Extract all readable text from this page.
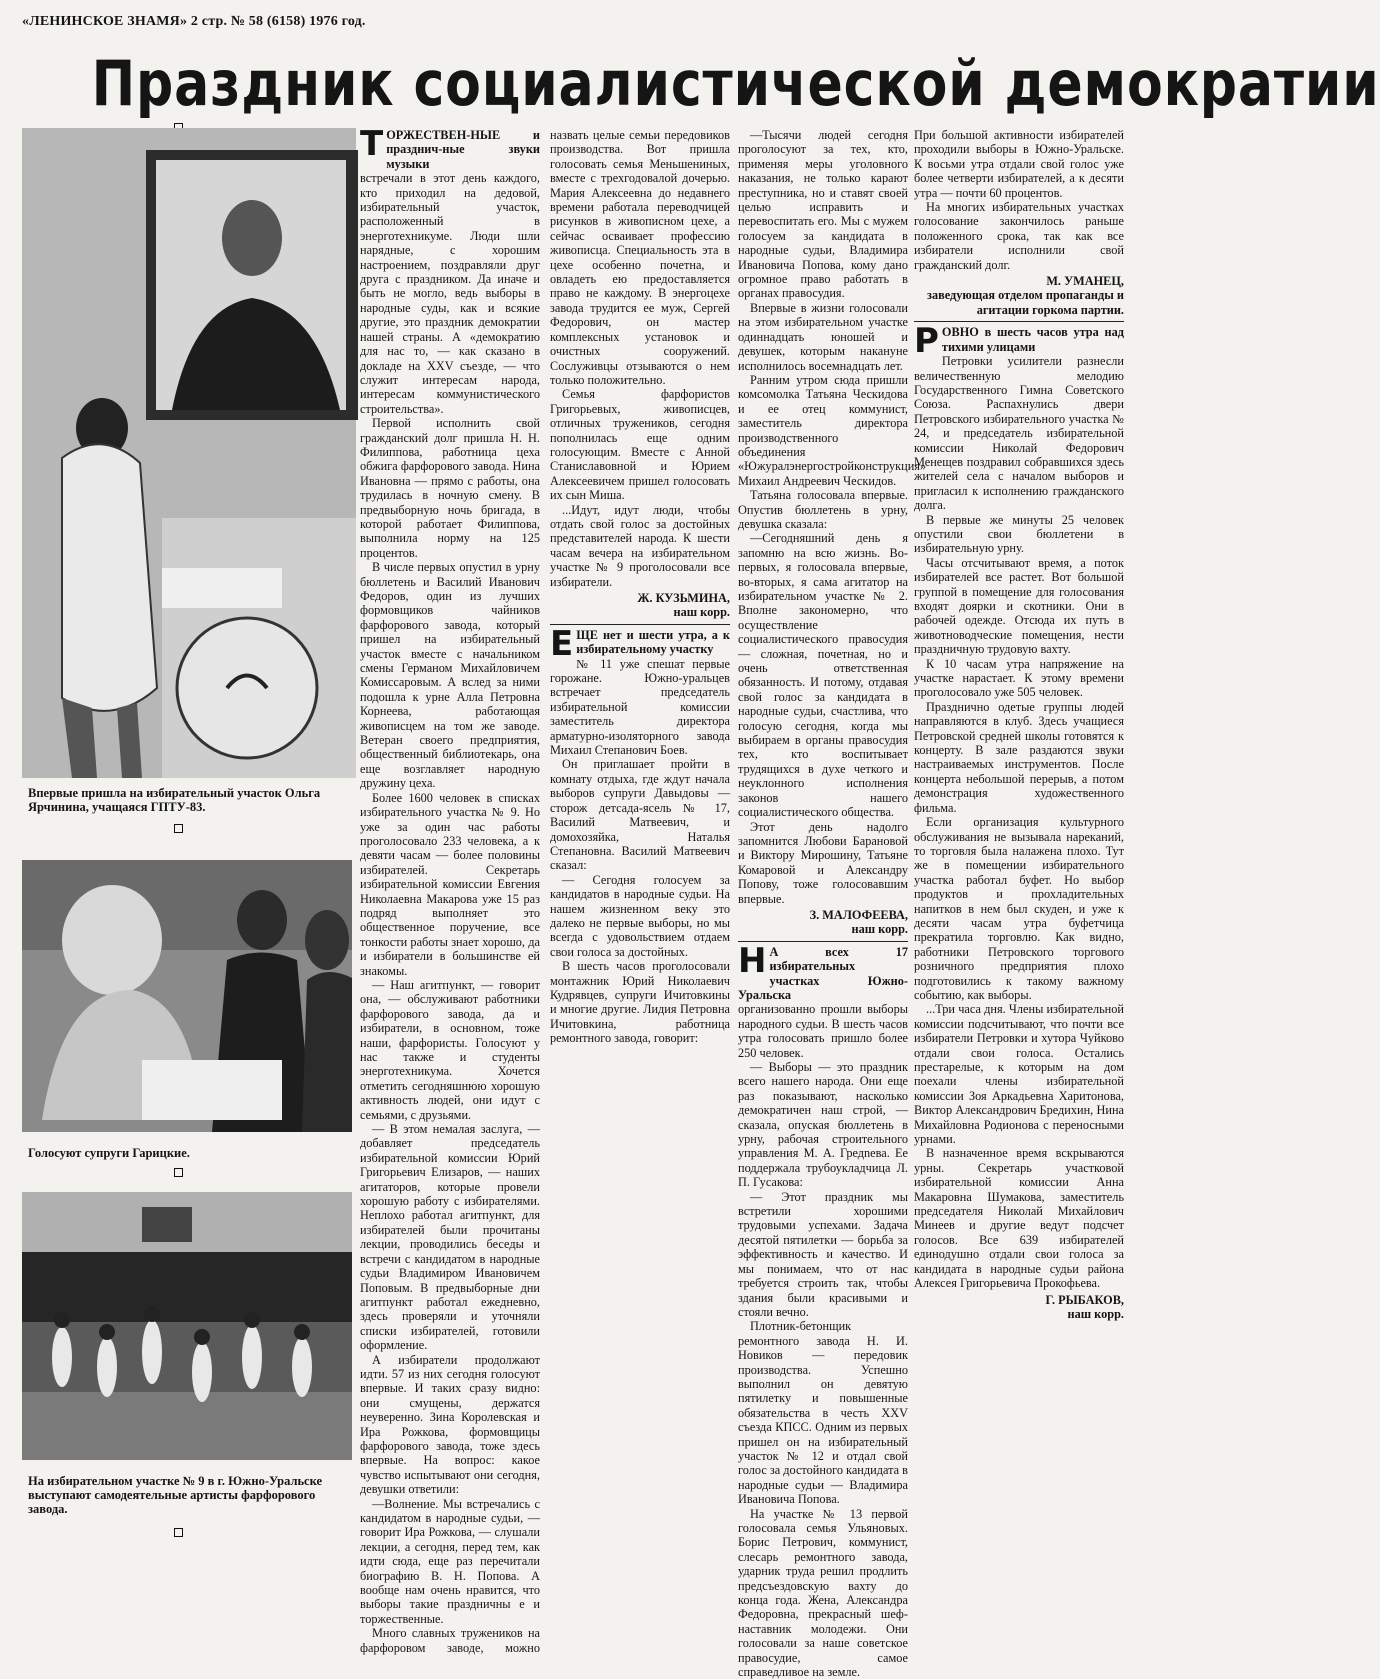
«ЛЕНИНСКОЕ ЗНАМЯ» 2 стр. № 58 (6158) 1976 год.
Праздник социалистической демократии
Впервые пришла на избирательный участок Ольга Ярчинина, учащаяся ГПТУ-83.
Голосуют супруги Гарицкие.
На избирательном участке № 9 в г. Южно-Уральске выступают самодеятельные артисты фарфорового завода.

ТОРЖЕСТВЕН-НЫЕ и празднич-ные звуки музыки

встречали в этот день каждого, кто приходил на дедовой, избирательный участок, расположенный в энерготехникуме. Люди шли нарядные, с хорошим настроением, поздравляли друг друга с праздником. Да иначе и быть не могло, ведь выборы в народные суды, как и всякие другие, это праздник демократии нашей страны. А «демократию для нас то, — как сказано в докладе на XXV съезде, — что служит интересам народа, интересам коммунистического строительства».

Первой исполнить свой гражданский долг пришла Н. Н. Филиппова, работница цеха обжига фарфорового завода. Нина Ивановна — прямо с работы, она трудилась в ночную смену. В предвыборную ночь бригада, в которой работает Филиппова, выполнила норму на 125 процентов.

В числе первых опустил в урну бюллетень и Василий Иванович Федоров, один из лучших формовщиков чайников фарфорового завода, который пришел на избирательный участок вместе с начальником смены Германом Михайловичем Комиссаровым. А вслед за ними подошла к урне Алла Петровна Корнеева, работающая живописцем на том же заводе. Ветеран своего предприятия, общественный библиотекарь, она еще возглавляет народную дружину цеха.

Более 1600 человек в списках избирательного участка № 9. Но уже за один час работы проголосовало 233 человека, а к девяти часам — более половины избирателей. Секретарь избирательной комиссии Евгения Николаевна Макарова уже 15 раз подряд выполняет это общественное поручение, все тонкости работы знает хорошо, да и избиратели в большинстве ей знакомы.

— Наш агитпункт, — говорит она, — обслуживают работники фарфорового завода, да и избиратели, в основном, тоже наши, фарфористы. Голосуют у нас также и студенты энерготехникума. Хочется отметить сегодняшнюю хорошую активность людей, они идут с семьями, с друзьями.

— В этом немалая заслуга, — добавляет председатель избирательной комиссии Юрий Григорьевич Елизаров, — наших агитаторов, которые провели хорошую работу с избирателями. Неплохо работал агитпункт, для избирателей были прочитаны лекции, проводились беседы и встречи с кандидатом в народные судьи Владимиром Ивановичем Поповым. В предвыборные дни агитпункт работал ежедневно, здесь проверяли и уточняли списки избирателей, готовили оформление.

А избиратели продолжают идти. 57 из них сегодня голосуют впервые. И таких сразу видно: они смущены, держатся неуверенно. Зина Королевская и Ира Рожкова, формовщицы фарфорового завода, тоже здесь впервые. На вопрос: какое чувство испытывают они сегодня, девушки ответили:

—Волнение. Мы встречались с кандидатом в народные судьи, — говорит Ира Рожкова, — слушали лекции, а сегодня, перед тем, как идти сюда, еще раз перечитали биографию В. Н. Попова. А вообще нам очень нравится, что выборы такие праздничны е и торжественные.

Много славных тружеников на фарфоровом заводе, можно назвать целые семьи передовиков производства. Вот пришла голосовать семья Меньшениных, вместе с трехгодовалой дочерью. Мария Алексеевна до недавнего времени работала переводчицей рисунков в живописном цехе, а сейчас осваивает профессию живописца. Специальность эта в цехе особенно почетна, и овладеть ею предоставляется право не каждому. В энергоцехе завода трудится ее муж, Сергей Федорович, он мастер комплексных установок и очистных сооружений. Сослуживцы отзываются о нем только положительно.

Семья фарфористов Григорьевых, живописцев, отличных тружеников, сегодня пополнилась еще одним голосующим. Вместе с Анной Станиславовной и Юрием Алексеевичем пришел голосовать их сын Миша.

...Идут, идут люди, чтобы отдать свой голос за достойных представителей народа. К шести часам вечера на избирательном участке № 9 проголосовали все избиратели.

Ж. КУЗЬМИНА,
наш корр.

ЕЩЕ нет и шести утра, а к избирательному участку

№ 11 уже спешат первые горожане. Южно-уральцев встречает председатель избирательной комиссии заместитель директора арматурно-изоляторного завода Михаил Степанович Боев.

Он приглашает пройти в комнату отдыха, где ждут начала выборов супруги Давыдовы — сторож детсада-ясель № 17, Василий Матвеевич, и домохозяйка, Наталья Степановна. Василий Матвеевич сказал:

— Сегодня голосуем за кандидатов в народные судьи. На нашем жизненном веку это далеко не первые выборы, но мы всегда с удовольствием отдаем свои голоса за достойных.

В шесть часов проголосовали монтажник Юрий Николаевич Кудрявцев, супруги Ичитовкины и многие другие. Лидия Петровна Ичитовкина, работница ремонтного завода, говорит:

—Тысячи людей сегодня проголосуют за тех, кто, применяя меры уголовного наказания, не только карают преступника, но и ставят своей целью исправить и перевоспитать его. Мы с мужем голосуем за кандидата в народные судьи, Владимира Ивановича Попова, кому дано огромное право работать в органах правосудия.

Впервые в жизни голосовали на этом избирательном участке одиннадцать юношей и девушек, которым накануне исполнилось восемнадцать лет.

Ранним утром сюда пришли комсомолка Татьяна Ческидова и ее отец коммунист, заместитель директора производственного объединения «Южуралэнергостройконструкция» Михаил Андреевич Ческидов.

Татьяна голосовала впервые. Опустив бюллетень в урну, девушка сказала:

—Сегодняшний день я запомню на всю жизнь. Во-первых, я голосовала впервые, во-вторых, я сама агитатор на избирательном участке № 2. Вполне закономерно, что осуществление социалистического правосудия — сложная, почетная, но и очень ответственная обязанность. И потому, отдавая свой голос за кандидата в народные судьи, счастлива, что голосую сегодня, когда мы выбираем в органы правосудия тех, кто воспитывает трудящихся в духе четкого и неуклонного исполнения законов нашего социалистического общества.

Этот день надолго запомнится Любови Барановой и Виктору Мирошину, Татьяне Комаровой и Александру Попову, тоже голосовавшим впервые.

З. МАЛОФЕЕВА,
наш корр.

Н А всех 17 избирательных участках Южно-Уральска

организованно прошли выборы народного судьи. В шесть часов утра голосовать пришло более 250 человек.

— Выборы — это праздник всего нашего народа. Они еще раз показывают, насколько демократичен наш строй, — сказала, опуская бюллетень в урну, рабочая строительного управления М. А. Гредnева. Ее поддержала трубоукладчица Л. П. Гусакова:

— Этот праздник мы встретили хорошими трудовыми успехами. Задача десятой пятилетки — борьба за эффективность и качество. И мы понимаем, что от нас требуется строить так, чтобы здания были красивыми и стояли вечно.

Плотник-бетонщик ремонтного завода Н. И. Новиков — передовик производства. Успешно выполнил он девятую пятилетку и повышенные обязательства в честь XXV съезда КПСС. Одним из первых пришел он на избирательный участок № 12 и отдал свой голос за достойного кандидата в народные судьи — Владимира Ивановича Попова.

На участке № 13 первой голосовала семья Ульяновых. Борис Петрович, коммунист, слесарь ремонтного завода, ударник труда решил продлить предсъездовскую вахту до конца года. Жена, Александра Федоровна, прекрасный шеф-наставник молодежи. Они голосовали за наше советское правосудие, самое справедливое на земле.

При большой активности избирателей проходили выборы в Южно-Уральске. К восьми утра отдали свой голос уже более четверти избирателей, а к десяти утра — почти 60 процентов.

На многих избирательных участках голосование закончилось раньше положенного срока, так как все избиратели исполнили свой гражданский долг.

М. УМАНЕЦ,
заведующая отделом пропаганды и агитации горкома партии.

РОВНО в шесть часов утра над тихими улицами

Петровки усилители разнесли величественную мелодию Государственного Гимна Советского Союза. Распахнулись двери Петровского избирательного участка № 24, и председатель избирательной комиссии Николай Федорович Менещев поздравил собравшихся здесь жителей села с началом выборов и пригласил к исполнению гражданского долга.

В первые же минуты 25 человек опустили свои бюллетени в избирательную урну.

Часы отсчитывают время, а поток избирателей все растет. Вот большой группой в помещение для голосования входят доярки и скотники. Они в рабочей одежде. Отсюда их путь в животноводческие помещения, нести праздничную трудовую вахту.

К 10 часам утра напряжение на участке нарастает. К этому времени проголосовало уже 505 человек.

Празднично одетые группы людей направляются в клуб. Здесь учащиеся Петровской средней школы готовятся к концерту. В зале раздаются звуки настраиваемых инструментов. После концерта небольшой перерыв, а потом демонстрация художественного фильма.

Если организация культурного обслуживания не вызывала нареканий, то торговля была налажена плохо. Тут же в помещении избирательного участка работал буфет. Но выбор продуктов и прохладительных напитков в нем был скуден, и уже к десяти часам утра буфетчица прекратила торговлю. Как видно, работники Петровского торгового розничного предприятия плохо подготовились к такому важному событию, как выборы.

...Три часа дня. Члены избирательной комиссии подсчитывают, что почти все избиратели Петровки и хутора Чуйково отдали свои голоса. Остались престарелые, к которым на дом поехали члены избирательной комиссии Зоя Аркадьевна Харитонова, Виктор Александрович Бредихин, Нина Михайловна Родионова с переносными урнами.

В назначенное время вскрываются урны. Секретарь участковой избирательной комиссии Анна Макаровна Шумакова, заместитель председателя Николай Михайлович Минеев и другие ведут подсчет голосов. Все 639 избирателей единодушно отдали свои голоса за кандидата в народные судьи района Алексея Григорьевича Прокофьева.

Г. РЫБАКОВ,
наш корр.
